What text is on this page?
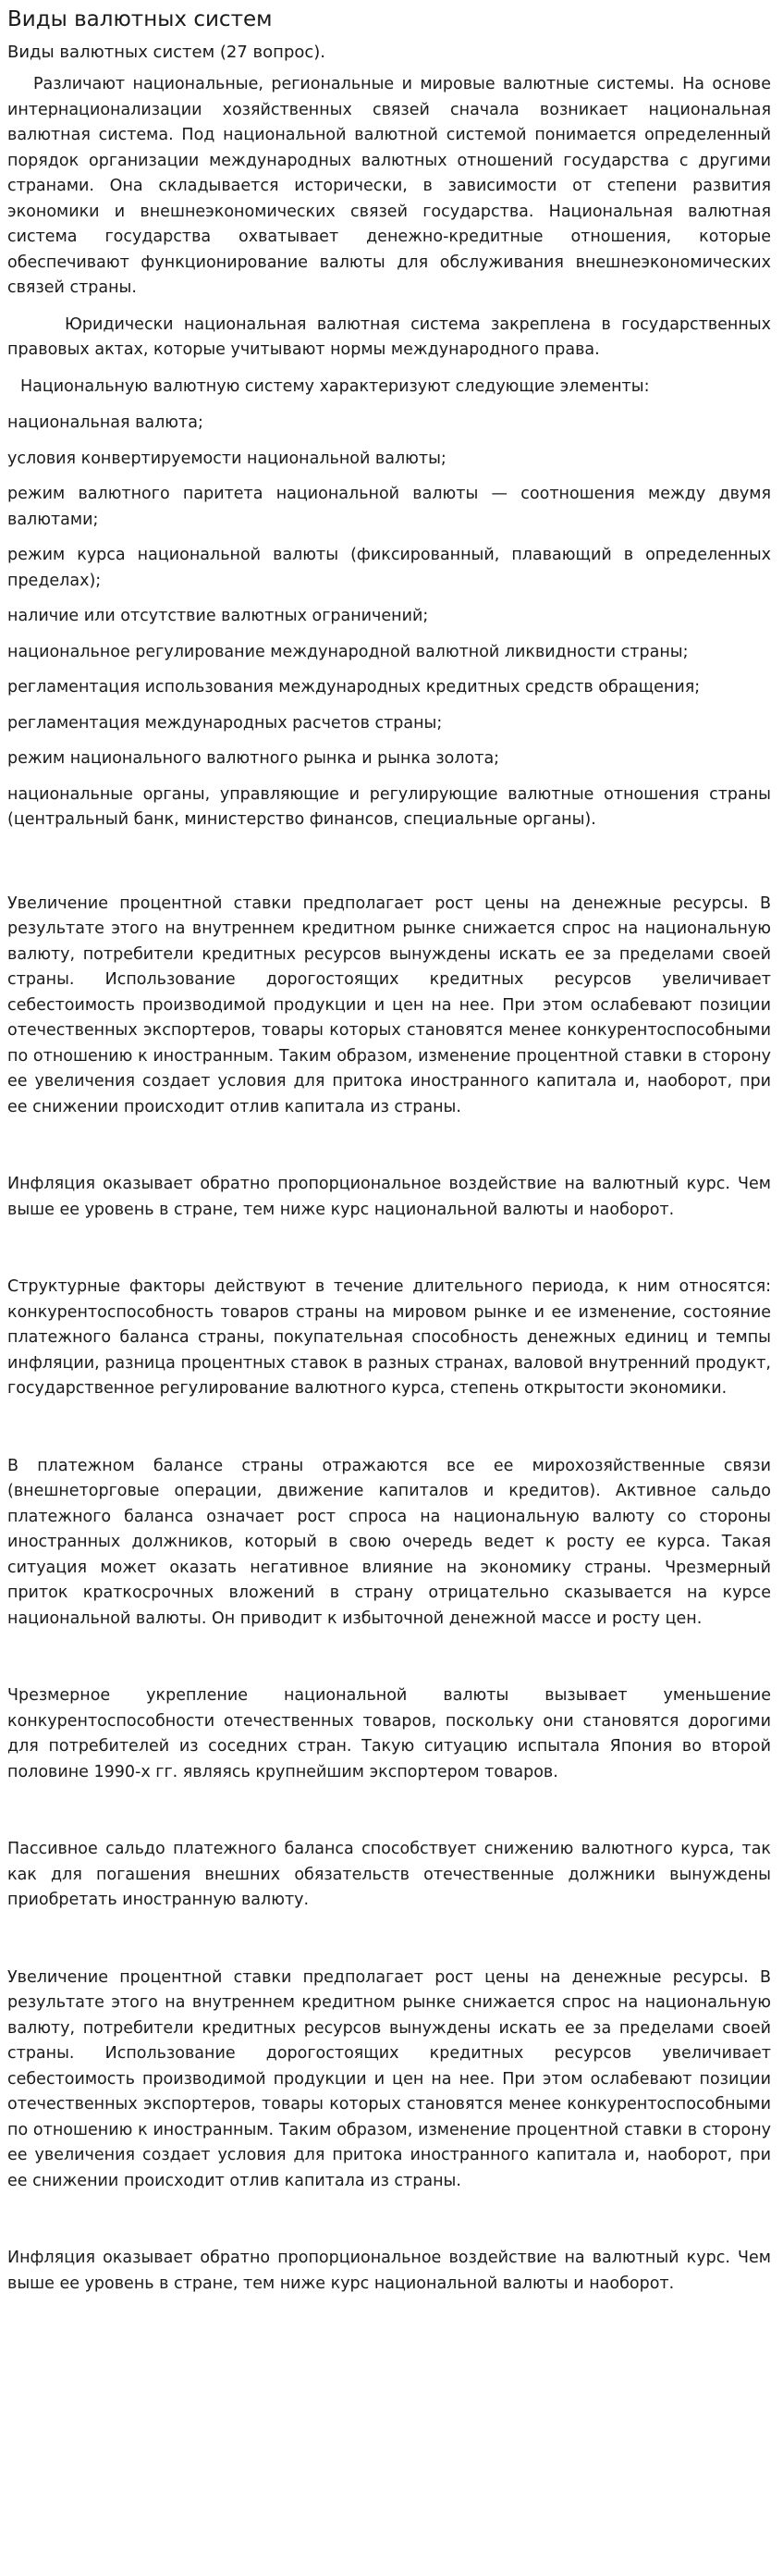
Виды валютных систем
Виды валютных систем (27 вопрос).

Различают национальные, региональные и мировые валютные системы. На основе интернационализации хозяйственных связей сначала возникает национальная валютная система. Под национальной валютной системой понимается определенный порядок организации международных валютных отношений государства с другими странами. Она складывается исторически, в зависимости от степени развития экономики и внешнеэкономических связей государства. Национальная валютная система государства охватывает денежно-кредитные отношения, которые обеспечивают функционирование валюты для обслуживания внешнеэкономических связей страны.

Юридически национальная валютная система закреплена в государственных правовых актах, которые учитывают нормы международного права.

Национальную валютную систему характеризуют следующие элементы:

национальная валюта;

условия конвертируемости национальной валюты;

режим валютного паритета национальной валюты — соотношения между двумя валютами;

режим курса национальной валюты (фиксированный, плавающий в определенных пределах);

наличие или отсутствие валютных ограничений;

национальное регулирование международной валютной ликвидности страны;

регламентация использования международных кредитных средств обращения;

регламентация международных расчетов страны;

режим национального валютного рынка и рынка золота;

национальные органы, управляющие и регулирующие валютные отношения страны (центральный банк, министерство финансов, специальные органы).

Увеличение процентной ставки предполагает рост цены на денежные ресурсы. В результате этого на внутреннем кредитном рынке снижается спрос на национальную валюту, потребители кредитных ресурсов вынуждены искать ее за пределами своей страны. Использование дорогостоящих кредитных ресурсов увеличивает себестоимость производимой продукции и цен на нее. При этом ослабевают позиции отечественных экспортеров, товары которых становятся менее конкурентоспособными по отношению к иностранным. Таким образом, изменение процентной ставки в сторону ее увеличения создает условия для притока иностранного капитала и, наоборот, при ее снижении происходит отлив капитала из страны.

Инфляция оказывает обратно пропорциональное воздействие на валютный курс. Чем выше ее уровень в стране, тем ниже курс национальной валюты и наоборот.

Структурные факторы действуют в течение длительного периода, к ним относятся: конкурентоспособность товаров страны на мировом рынке и ее изменение, состояние платежного баланса страны, покупательная способность денежных единиц и темпы инфляции, разница процентных ставок в разных странах, валовой внутренний продукт, государственное регулирование валютного курса, степень открытости экономики.

В платежном балансе страны отражаются все ее мирохозяйственные связи (внешнеторговые операции, движение капиталов и кредитов). Активное сальдо платежного баланса означает рост спроса на национальную валюту со стороны иностранных должников, который в свою очередь ведет к росту ее курса. Такая ситуация может оказать негативное влияние на экономику страны. Чрезмерный приток краткосрочных вложений в страну отрицательно сказывается на курсе национальной валюты. Он приводит к избыточной денежной массе и росту цен.

Чрезмерное укрепление национальной валюты вызывает уменьшение конкурентоспособности отечественных товаров, поскольку они становятся дорогими для потребителей из соседних стран. Такую ситуацию испытала Япония во второй половине 1990-х гг. являясь крупнейшим экспортером товаров.

Пассивное сальдо платежного баланса способствует снижению валютного курса, так как для погашения внешних обязательств отечественные должники вынуждены приобретать иностранную валюту.

Увеличение процентной ставки предполагает рост цены на денежные ресурсы. В результате этого на внутреннем кредитном рынке снижается спрос на национальную валюту, потребители кредитных ресурсов вынуждены искать ее за пределами своей страны. Использование дорогостоящих кредитных ресурсов увеличивает себестоимость производимой продукции и цен на нее. При этом ослабевают позиции отечественных экспортеров, товары которых становятся менее конкурентоспособными по отношению к иностранным. Таким образом, изменение процентной ставки в сторону ее увеличения создает условия для притока иностранного капитала и, наоборот, при ее снижении происходит отлив капитала из страны.

Инфляция оказывает обратно пропорциональное воздействие на валютный курс. Чем выше ее уровень в стране, тем ниже курс национальной валюты и наоборот.
